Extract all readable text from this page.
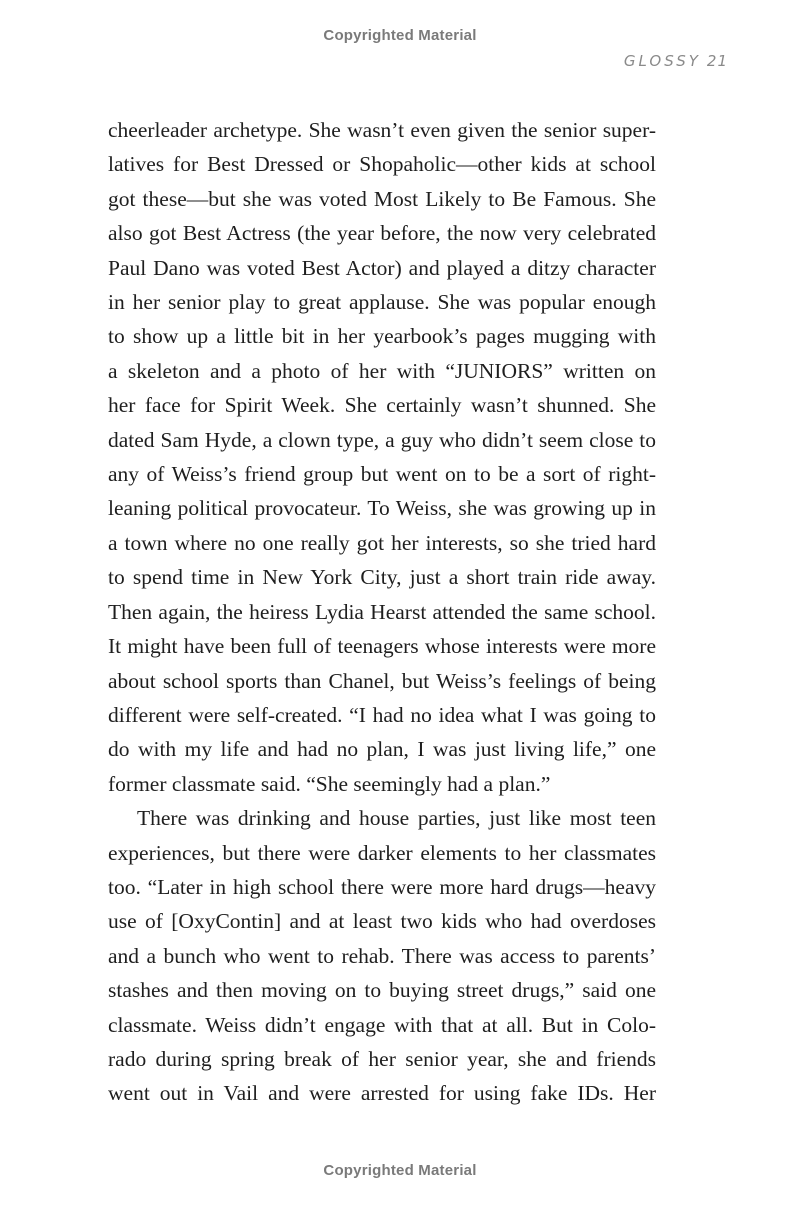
Copyrighted Material
GLOSSY 21

cheerleader archetype. She wasn’t even given the senior super-

latives for Best Dressed or Shopaholic—other kids at school

got these—but she was voted Most Likely to Be Famous. She

also got Best Actress (the year before, the now very celebrated

Paul Dano was voted Best Actor) and played a ditzy character

in her senior play to great applause. She was popular enough

to show up a little bit in her yearbook’s pages mugging with

a skeleton and a photo of her with “JUNIORS” written on

her face for Spirit Week. She certainly wasn’t shunned. She

dated Sam Hyde, a clown type, a guy who didn’t seem close to

any of Weiss’s friend group but went on to be a sort of right-

leaning political provocateur. To Weiss, she was growing up in

a town where no one really got her interests, so she tried hard

to spend time in New York City, just a short train ride away.

Then again, the heiress Lydia Hearst attended the same school.

It might have been full of teenagers whose interests were more

about school sports than Chanel, but Weiss’s feelings of being

different were self-created. “I had no idea what I was going to

do with my life and had no plan, I was just living life,” one

former classmate said. “She seemingly had a plan.”

There was drinking and house parties, just like most teen

experiences, but there were darker elements to her classmates

too. “Later in high school there were more hard drugs—heavy

use of [OxyContin] and at least two kids who had overdoses

and a bunch who went to rehab. There was access to parents’

stashes and then moving on to buying street drugs,” said one

classmate. Weiss didn’t engage with that at all. But in Colo-

rado during spring break of her senior year, she and friends

went out in Vail and were arrested for using fake IDs. Her

Copyrighted Material
